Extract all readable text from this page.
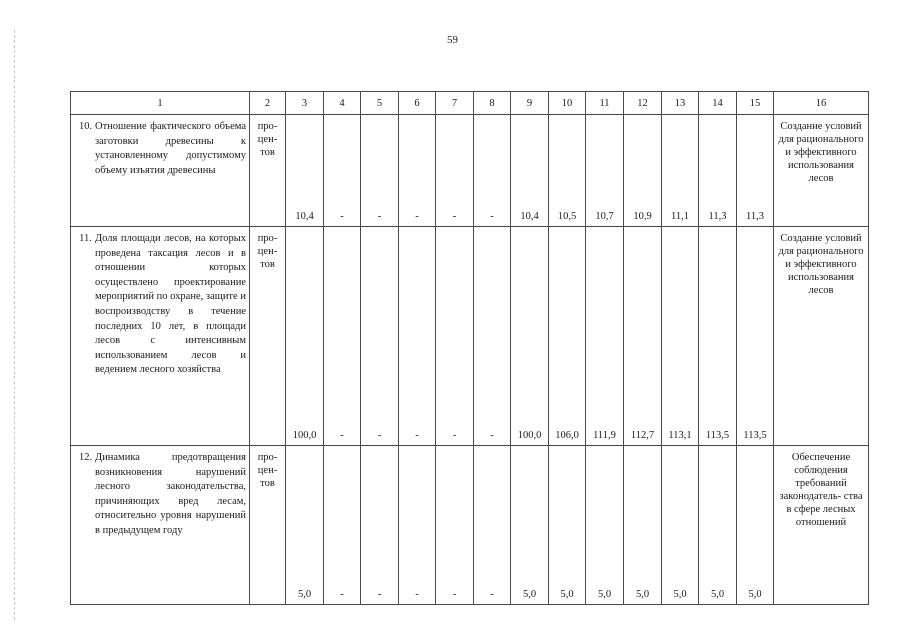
59
1	2	3	4	5	6	7	8	9	10	11	12	13	14	15	16

10. Отношение фактического объема заготовки древесины к установленному допустимому объему изъятия древесины	про- цен- тов	10,4	-	-	-	-	-	10,4	10,5	10,7	10,9	11,1	11,3	11,3	Создание условий для рационального и эффективного использования лесов

11. Доля площади лесов, на которых проведена таксация лесов и в отношении которых осуществлено проектирование мероприятий по охране, защите и воспроизводству в течение последних 10 лет, в площади лесов с интенсивным использованием лесов и ведением лесного хозяйства	про- цен- тов	100,0	-	-	-	-	-	100,0	106,0	111,9	112,7	113,1	113,5	113,5	Создание условий для рационального и эффективного использования лесов

12. Динамика предотвращения возникновения нарушений лесного законодательства, причиняющих вред лесам, относительно уровня нарушений в предыдущем году	про- цен- тов	5,0	-	-	-	-	-	5,0	5,0	5,0	5,0	5,0	5,0	5,0	Обеспечение соблюдения требований законодатель- ства в сфере лесных отношений
